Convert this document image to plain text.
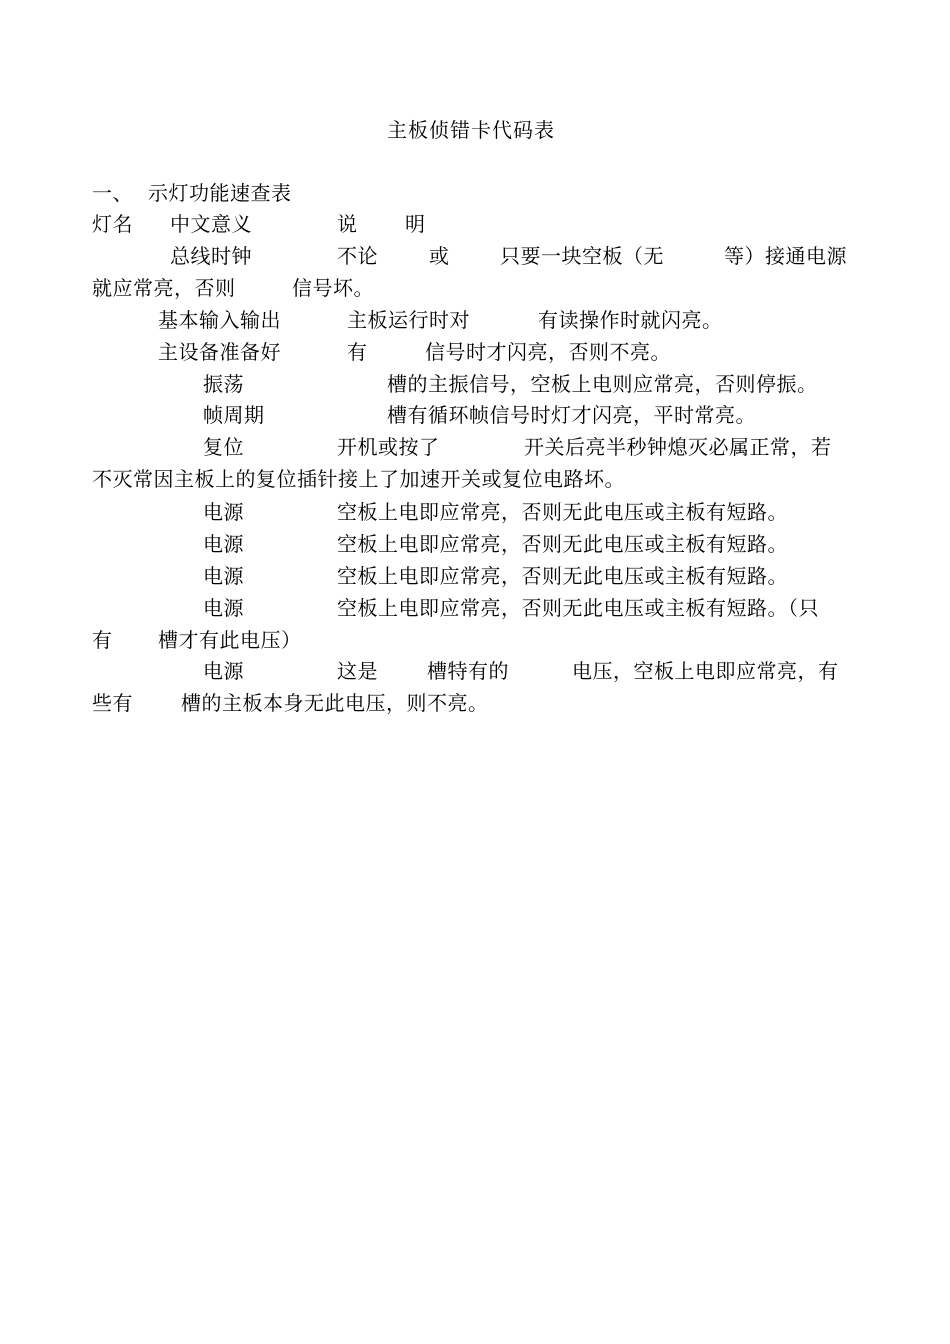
主板侦错卡代码表
一、 示灯功能速查表
灯名 中文意义	说 明
总线时钟	不论	或	只要一块空板（无	等）接通电源
就应常亮，否则	信号坏。
基本输入输出	主板运行时对	有读操作时就闪亮。
主设备准备好	有	信号时才闪亮，否则不亮。
振荡	槽的主振信号，空板上电则应常亮，否则停振。
帧周期	槽有循环帧信号时灯才闪亮，平时常亮。
复位	开机或按了	开关后亮半秒钟熄灭必属正常，若
不灭常因主板上的复位插针接上了加速开关或复位电路坏。
电源	空板上电即应常亮，否则无此电压或主板有短路。
电源	空板上电即应常亮，否则无此电压或主板有短路。
电源	空板上电即应常亮，否则无此电压或主板有短路。
电源	空板上电即应常亮，否则无此电压或主板有短路。（只
有 槽才有此电压）
电源	这是 槽特有的	电压，空板上电即应常亮，有
些有 槽的主板本身无此电压，则不亮。
